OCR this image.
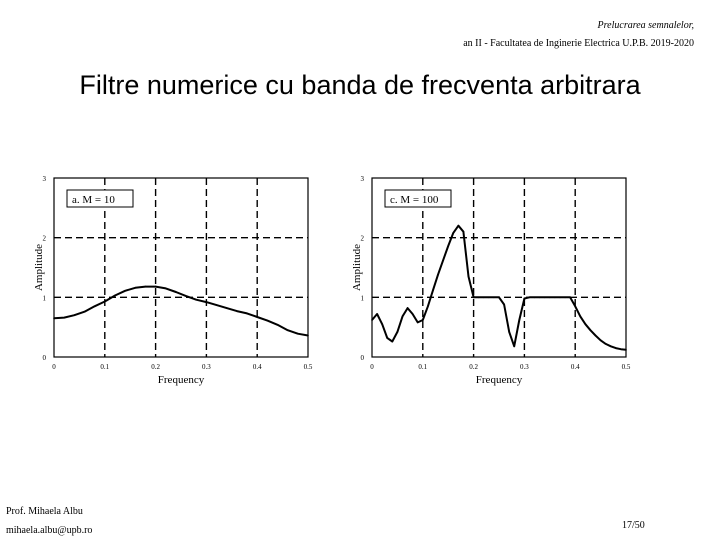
Prelucrarea semnalelor,
an II - Facultatea de Inginerie Electrica U.P.B. 2019-2020
Filtre numerice cu banda de frecventa arbitrara
0	0.1	0.2	0.3	0.4	0.5
0
1
2
3
Frequency
Amplitude
a. M = 10
0	0.1	0.2	0.3	0.4	0.5
0
1
2
3
Frequency
Amplitude
c. M = 100
Prof. Mihaela Albu
mihaela.albu@upb.ro	17/50
